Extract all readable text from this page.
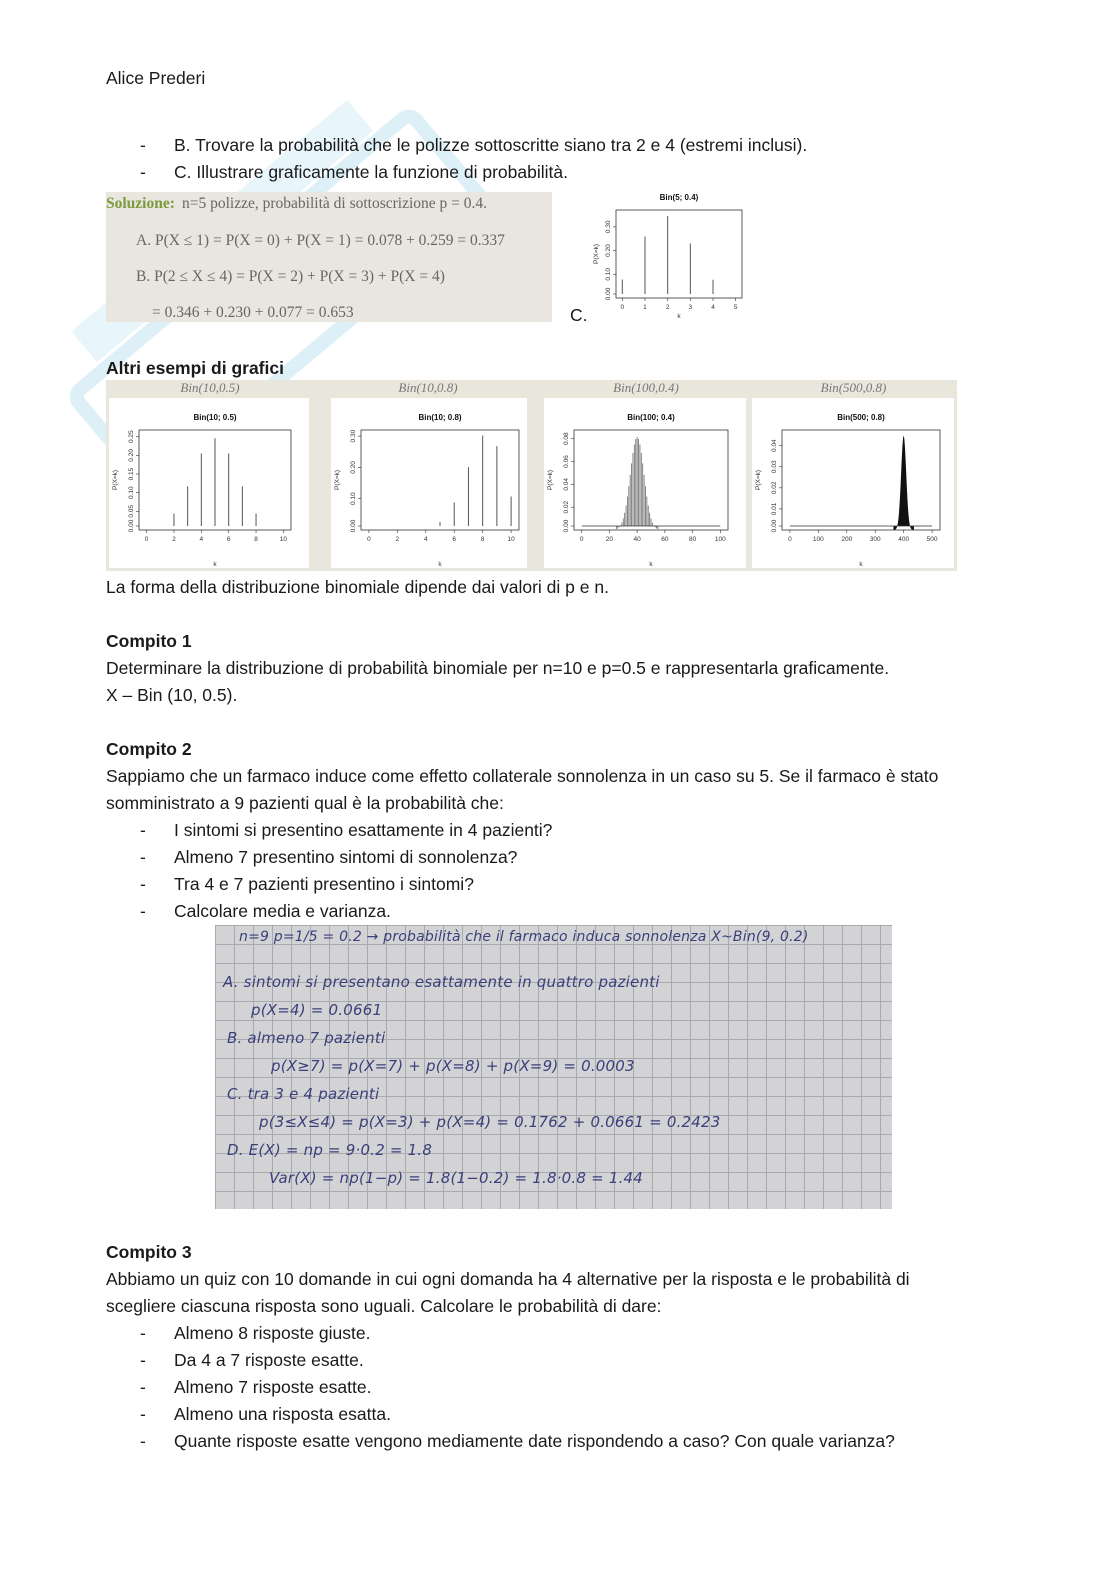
Alice Prederi
- B. Trovare la probabilità che le polizze sottoscritte siano tra 2 e 4 (estremi inclusi).
- C. Illustrare graficamente la funzione di probabilità.
Soluzione: n=5 polizze, probabilità di sottoscrizione p = 0.4.
A. P(X ≤ 1) = P(X = 0) + P(X = 1) = 0.078 + 0.259 = 0.337
B. P(2 ≤ X ≤ 4) = P(X = 2) + P(X = 3) + P(X = 4)
= 0.346 + 0.230 + 0.077 = 0.653	C.
Bin(5; 0.4)
0	1	2	3	4	5
0.00
0.10
0.20
0.30
P(X=k)
k
Altri esempi di grafici
Bin(10,0.5)	Bin(10,0.8)	Bin(100,0.4)	Bin(500,0.8)
Bin(10; 0.5)
0	2	4	6	8	10
0.00
0.05
0.10
0.15
0.20
0.25
P(X=k)
k
Bin(10; 0.8)
0	2	4	6	8	10
0.00
0.10
0.20
0.30
P(X=k)
k
Bin(100; 0.4)
0	20	40	60	80	100
0.00
0.02
0.04
0.06
0.08
P(X=k)
k
Bin(500; 0.8)
0	100	200	300	400	500
0.00
0.01
0.02
0.03
0.04
P(X=k)
k
La forma della distribuzione binomiale dipende dai valori di p e n.
Compito 1
Determinare la distribuzione di probabilità binomiale per n=10 e p=0.5 e rappresentarla graficamente.
X – Bin (10, 0.5).
Compito 2
Sappiamo che un farmaco induce come effetto collaterale sonnolenza in un caso su 5. Se il farmaco è stato
somministrato a 9 pazienti qual è la probabilità che:
- I sintomi si presentino esattamente in 4 pazienti?
- Almeno 7 presentino sintomi di sonnolenza?
- Tra 4 e 7 pazienti presentino i sintomi?
- Calcolare media e varianza.
n=9 p=1/5 = 0.2 → probabilità che il farmaco induca sonnolenza X~Bin(9, 0.2)
A. sintomi si presentano esattamente in quattro pazienti
p(X=4) = 0.0661
B. almeno 7 pazienti
p(X≥7) = p(X=7) + p(X=8) + p(X=9) = 0.0003
C. tra 3 e 4 pazienti
p(3≤X≤4) = p(X=3) + p(X=4) = 0.1762 + 0.0661 = 0.2423
D. E(X) = np = 9·0.2 = 1.8
Var(X) = np(1−p) = 1.8(1−0.2) = 1.8·0.8 = 1.44
Compito 3
Abbiamo un quiz con 10 domande in cui ogni domanda ha 4 alternative per la risposta e le probabilità di
scegliere ciascuna risposta sono uguali. Calcolare le probabilità di dare:
- Almeno 8 risposte giuste.
- Da 4 a 7 risposte esatte.
- Almeno 7 risposte esatte.
- Almeno una risposta esatta.
- Quante risposte esatte vengono mediamente date rispondendo a caso? Con quale varianza?
